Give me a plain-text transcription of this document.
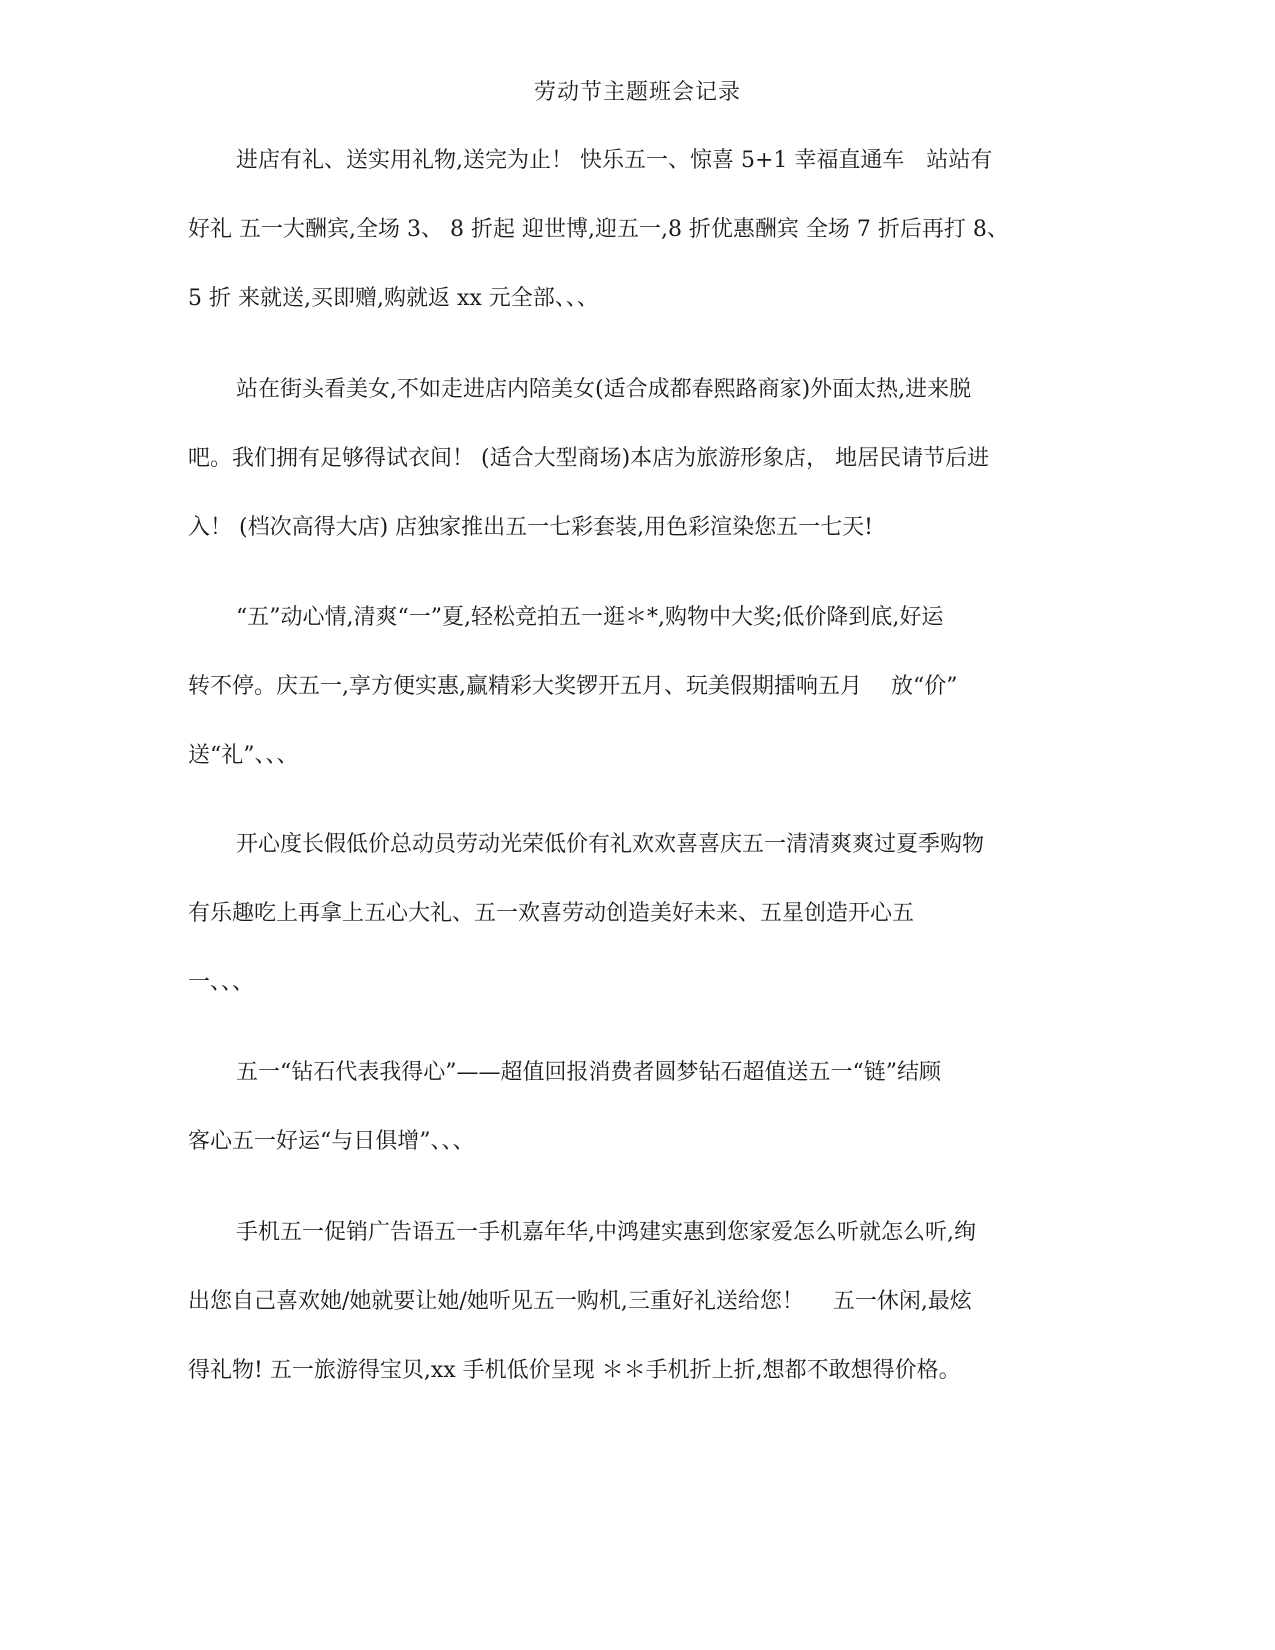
劳动节主题班会记录
进店有礼、送实用礼物,送完为止！ 快乐五一、惊喜 5+1 幸福直通车　站站有
好礼 五一大酬宾,全场 3、 8 折起 迎世博,迎五一,8 折优惠酬宾 全场 7 折后再打 8、
5 折 来就送,买即赠,购就返 xx 元全部、、、
站在街头看美女,不如走进店内陪美女(适合成都春熙路商家)外面太热,进来脱
吧。我们拥有足够得试衣间！ (适合大型商场)本店为旅游形象店， 地居民请节后进
入！ (档次高得大店) 店独家推出五一七彩套装,用色彩渲染您五一七天!
“五”动心情,清爽“一”夏,轻松竞拍五一逛＊*,购物中大奖;低价降到底,好运
转不停。庆五一,享方便实惠,赢精彩大奖锣开五月、玩美假期擂响五月　 放“价”
送“礼”、、、
开心度长假低价总动员劳动光荣低价有礼欢欢喜喜庆五一清清爽爽过夏季购物
有乐趣吃上再拿上五心大礼、五一欢喜劳动创造美好未来、五星创造开心五
一、、、
五一“钻石代表我得心”——超值回报消费者圆梦钻石超值送五一“链”结顾
客心五一好运“与日俱增”、、、
手机五一促销广告语五一手机嘉年华,中鸿建实惠到您家爱怎么听就怎么听,绚
出您自己喜欢她/她就要让她/她听见五一购机,三重好礼送给您！　 五一休闲,最炫
得礼物! 五一旅游得宝贝,xx 手机低价呈现 ＊＊手机折上折,想都不敢想得价格。
